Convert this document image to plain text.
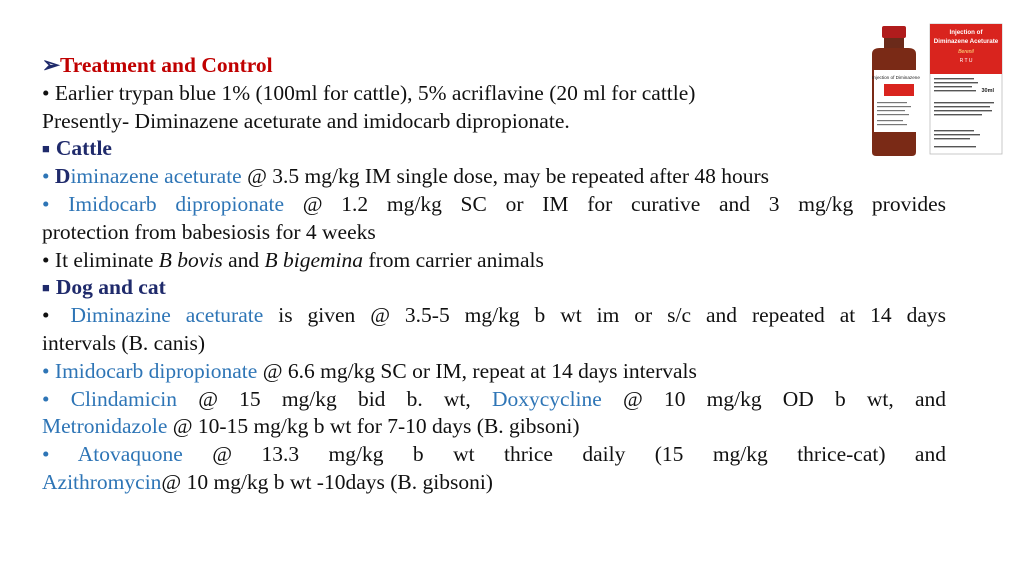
➢Treatment and Control
• Earlier trypan blue 1% (100ml for cattle), 5% acriflavine (20 ml for cattle)
Presently- Diminazene aceturate and imidocarb dipropionate.
■ Cattle
• Diminazene aceturate @ 3.5 mg/kg IM single dose, may be repeated after 48 hours
• Imidocarb dipropionate @ 1.2 mg/kg SC or IM for curative and 3 mg/kg provides
protection from babesiosis for 4 weeks
• It eliminate B bovis and B bigemina from carrier animals
■ Dog and cat
• Diminazine aceturate is given @ 3.5-5 mg/kg b wt im or s/c and repeated at 14 days
intervals (B. canis)
• Imidocarb dipropionate @ 6.6 mg/kg SC or IM, repeat at 14 days intervals
• Clindamicin @ 15 mg/kg bid b. wt, Doxycycline @ 10 mg/kg OD b wt, and
Metronidazole @ 10-15 mg/kg b wt for 7-10 days (B. gibsoni)
• Atovaquone @ 13.3 mg/kg b wt thrice daily (15 mg/kg thrice-cat) and
Azithromycin@ 10 mg/kg b wt -10days (B. gibsoni)
Injection of
Diminazene Aceturate
Berenil
R T U
30ml
Injection of Diminazene
